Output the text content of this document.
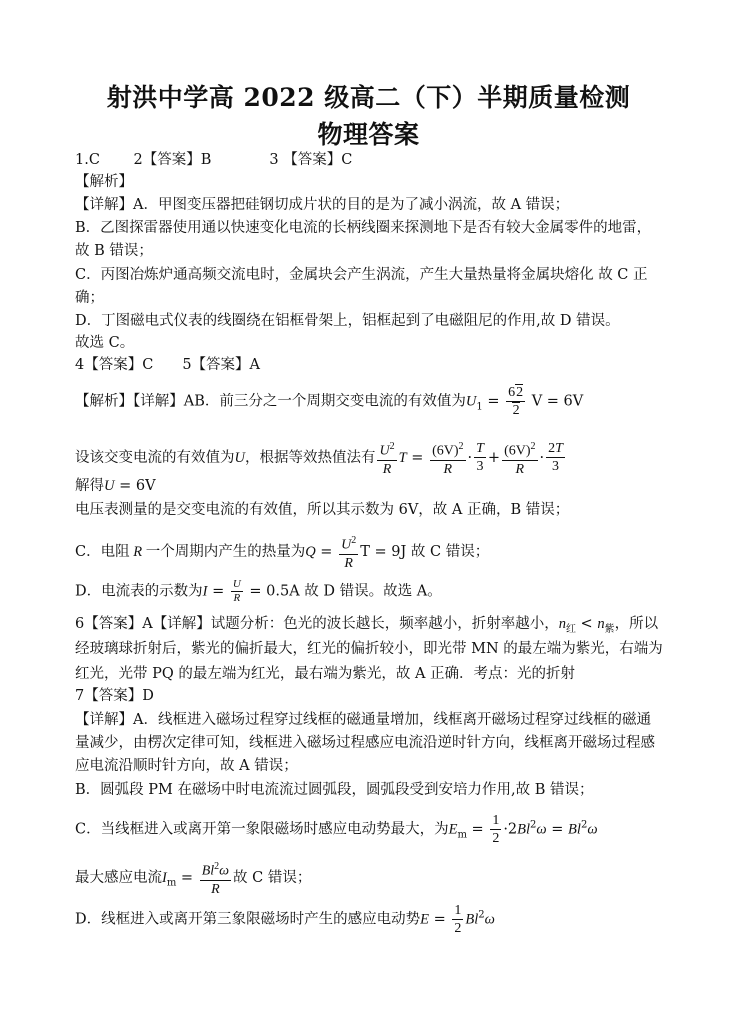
射洪中学高 2022 级高二（下）半期质量检测
物理答案
1.C　　 2【答案】B　　　　3 【答案】C
【解析】
【详解】A．甲图变压器把硅钢切成片状的目的是为了减小涡流，故 A 错误；
B．乙图探雷器使用通以快速变化电流的长柄线圈来探测地下是否有较大金属零件的地雷，
故 B 错误；
C．丙图冶炼炉通高频交流电时，金属块会产生涡流，产生大量热量将金属块熔化 故 C 正
确；
D．丁图磁电式仪表的线圈绕在铝框骨架上，铝框起到了电磁阻尼的作用,故 D 错误。
故选 C。
4【答案】C　　5【答案】A
【解析】【详解】AB．前三分之一个周期交变电流的有效值为$U_1 = \frac{62}{2}$ V = 6V
设该交变电流的有效值为U，根据等效热值法有 $\frac{U^2}{R}$ $T = \frac{(6V)^2}{R} \cdot \frac{T}{3} + \frac{(6V)^2}{R} \cdot \frac{2T}{3}$
解得U = 6V
电压表测量的是交变电流的有效值，所以其示数为 6V，故 A 正确，B 错误；
C．电阻 R 一个周期内产生的热量为$Q = \frac{U^2}{R}$ T = 9J 故 C 错误；
D．电流表的示数为$I = \frac{U}{R} = 0.5A$ 故 D 错误。故选 A。
6【答案】A【详解】试题分析：色光的波长越长，频率越小，折射率越小，$n_红 < n_紫$，所以
经玻璃球折射后，紫光的偏折最大，红光的偏折较小，即光带 MN 的最左端为紫光，右端为
红光，光带 PQ 的最左端为红光，最右端为紫光，故 A 正确．考点：光的折射
7【答案】D
【详解】A．线框进入磁场过程穿过线框的磁通量增加，线框离开磁场过程穿过线框的磁通
量减少，由楞次定律可知，线框进入磁场过程感应电流沿逆时针方向，线框离开磁场过程感
应电流沿顺时针方向，故 A 错误；
B．圆弧段 PM 在磁场中时电流流过圆弧段，圆弧段受到安培力作用,故 B 错误；
C．当线框进入或离开第一象限磁场时感应电动势最大，为$E_m = \frac{1}{2} \cdot 2Bl^2\omega = Bl^2\omega$
最大感应电流$I_m = \frac{Bl^2\omega}{R}$ 故 C 错误；
D．线框进入或离开第三象限磁场时产生的感应电动势$E = \frac{1}{2} Bl^2\omega$
